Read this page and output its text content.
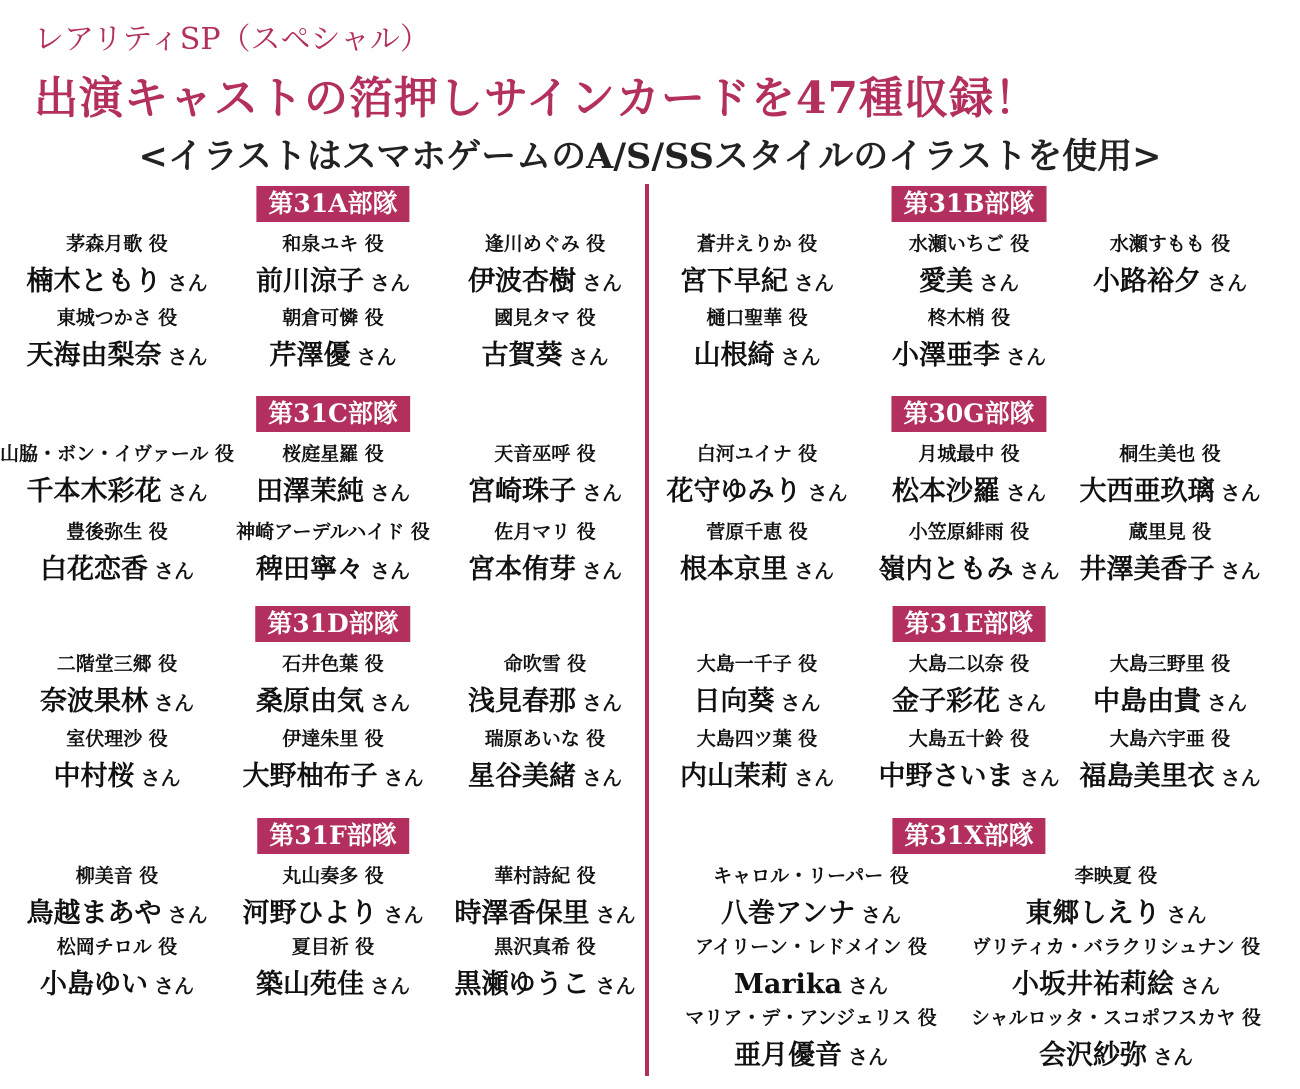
レアリティSP（スペシャル）
出演キャストの箔押しサインカードを47種収録！
<イラストはスマホゲームのA/S/SSスタイルのイラストを使用>
第31A部隊
茅森月歌 役
楠木ともり さん
和泉ユキ 役
前川涼子 さん
逢川めぐみ 役
伊波杏樹 さん
東城つかさ 役
天海由梨奈 さん
朝倉可憐 役
芹澤優 さん
國見タマ 役
古賀葵 さん
第31B部隊
蒼井えりか 役
宮下早紀 さん
水瀬いちご 役
愛美 さん
水瀬すもも 役
小路裕夕 さん
樋口聖華 役
山根綺 さん
柊木梢 役
小澤亜李 さん
第31C部隊
山脇・ボン・イヴァール 役
千本木彩花 さん
桜庭星羅 役
田澤茉純 さん
天音巫呼 役
宮崎珠子 さん
豊後弥生 役
白花恋香 さん
神崎アーデルハイド 役
稗田寧々 さん
佐月マリ 役
宮本侑芽 さん
第30G部隊
白河ユイナ 役
花守ゆみり さん
月城最中 役
松本沙羅 さん
桐生美也 役
大西亜玖璃 さん
菅原千恵 役
根本京里 さん
小笠原緋雨 役
嶺内ともみ さん
蔵里見 役
井澤美香子 さん
第31D部隊
二階堂三郷 役
奈波果林 さん
石井色葉 役
桑原由気 さん
命吹雪 役
浅見春那 さん
室伏理沙 役
中村桜 さん
伊達朱里 役
大野柚布子 さん
瑞原あいな 役
星谷美緒 さん
第31E部隊
大島一千子 役
日向葵 さん
大島二以奈 役
金子彩花 さん
大島三野里 役
中島由貴 さん
大島四ツ葉 役
内山茉莉 さん
大島五十鈴 役
中野さいま さん
大島六宇亜 役
福島美里衣 さん
第31F部隊
柳美音 役
鳥越まあや さん
丸山奏多 役
河野ひより さん
華村詩紀 役
時澤香保里 さん
松岡チロル 役
小島ゆい さん
夏目祈 役
築山苑佳 さん
黒沢真希 役
黒瀬ゆうこ さん
第31X部隊
キャロル・リーパー 役
八巻アンナ さん
李映夏 役
東郷しえり さん
アイリーン・レドメイン 役
Marika さん
ヴリティカ・バラクリシュナン 役
小坂井祐莉絵 さん
マリア・デ・アンジェリス 役
亜月優音 さん
シャルロッタ・スコポフスカヤ 役
会沢紗弥 さん
